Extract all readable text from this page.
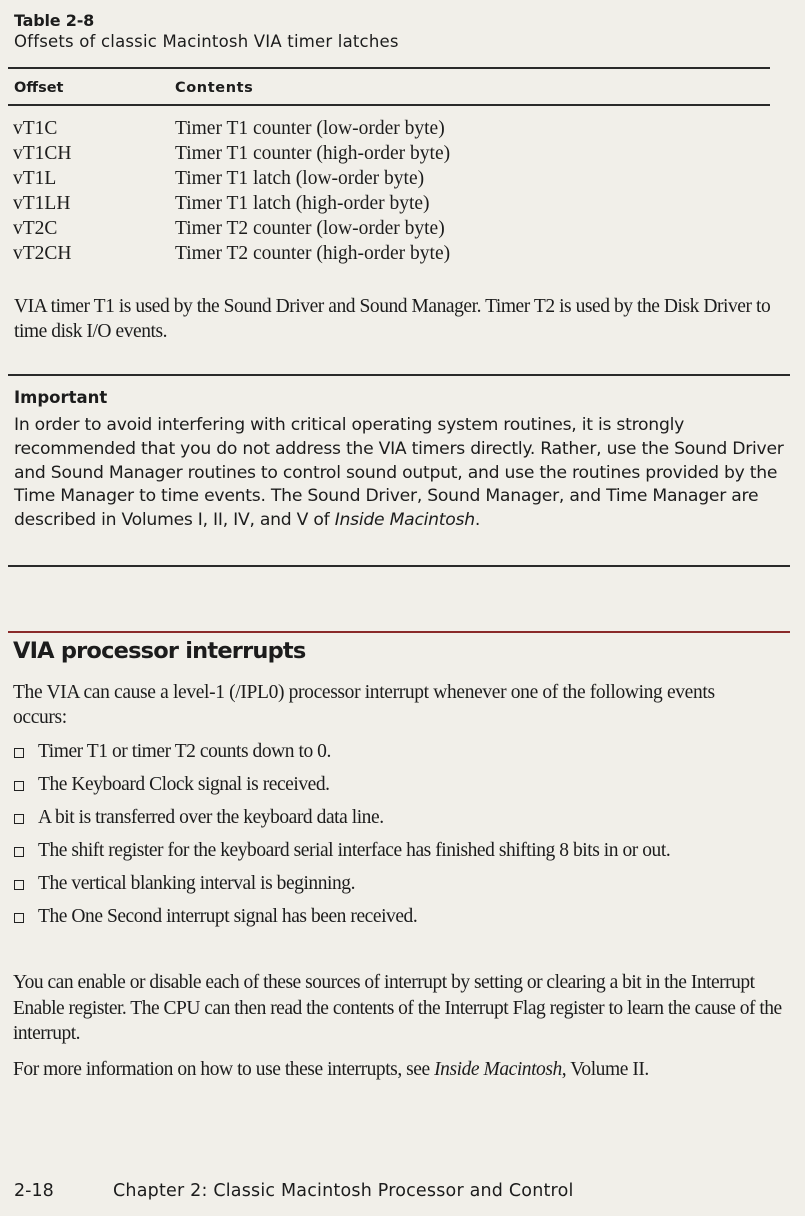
Table 2-8
Offsets of classic Macintosh VIA timer latches
Offset	Contents
vT1C	Timer T1 counter (low-order byte)
vT1CH	Timer T1 counter (high-order byte)
vT1L	Timer T1 latch (low-order byte)
vT1LH	Timer T1 latch (high-order byte)
vT2C	Timer T2 counter (low-order byte)
vT2CH	Timer T2 counter (high-order byte)
VIA timer T1 is used by the Sound Driver and Sound Manager. Timer T2 is used by the Disk Driver to time disk I/O events.
Important
In order to avoid interfering with critical operating system routines, it is strongly recommended that you do not address the VIA timers directly. Rather, use the Sound Driver and Sound Manager routines to control sound output, and use the routines provided by the Time Manager to time events. The Sound Driver, Sound Manager, and Time Manager are described in Volumes I, II, IV, and V of Inside Macintosh.
VIA processor interrupts
The VIA can cause a level-1 (/IPL0) processor interrupt whenever one of the following events occurs:
Timer T1 or timer T2 counts down to 0.
The Keyboard Clock signal is received.
A bit is transferred over the keyboard data line.
The shift register for the keyboard serial interface has finished shifting 8 bits in or out.
The vertical blanking interval is beginning.
The One Second interrupt signal has been received.
You can enable or disable each of these sources of interrupt by setting or clearing a bit in the Interrupt Enable register. The CPU can then read the contents of the Interrupt Flag register to learn the cause of the interrupt.
For more information on how to use these interrupts, see Inside Macintosh, Volume II.
2-18	Chapter 2: Classic Macintosh Processor and Control
